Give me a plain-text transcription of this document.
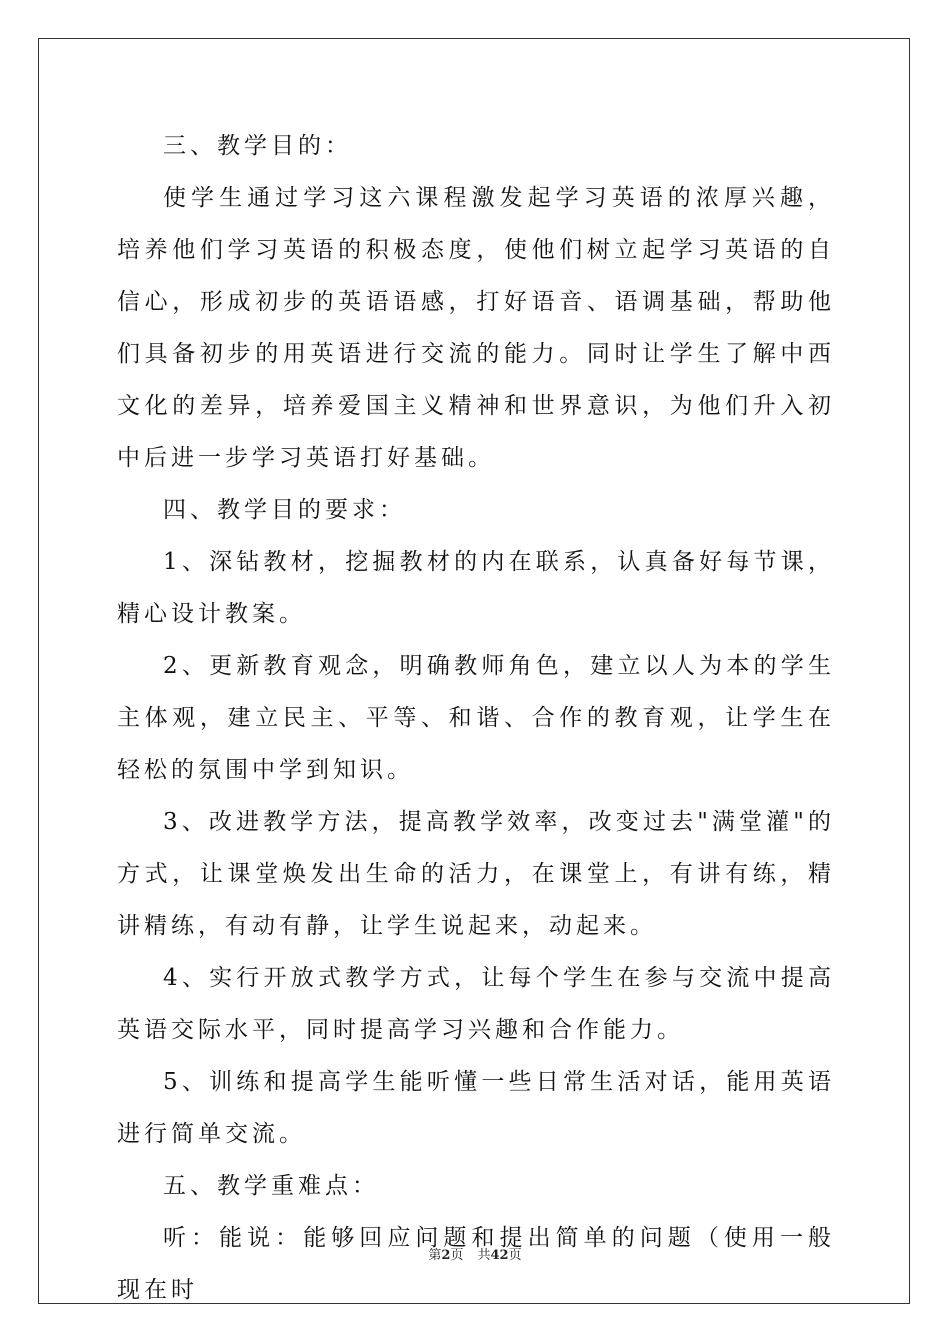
三、教学目的：

使学生通过学习这六课程激发起学习英语的浓厚兴趣，培养他们学习英语的积极态度，使他们树立起学习英语的自信心，形成初步的英语语感，打好语音、语调基础，帮助他们具备初步的用英语进行交流的能力。同时让学生了解中西文化的差异，培养爱国主义精神和世界意识，为他们升入初中后进一步学习英语打好基础。

四、教学目的要求：

1、深钻教材，挖掘教材的内在联系，认真备好每节课，精心设计教案。

2、更新教育观念，明确教师角色，建立以人为本的学生主体观，建立民主、平等、和谐、合作的教育观，让学生在轻松的氛围中学到知识。

3、改进教学方法，提高教学效率，改变过去"满堂灌"的方式，让课堂焕发出生命的活力，在课堂上，有讲有练，精讲精练，有动有静，让学生说起来，动起来。

4、实行开放式教学方式，让每个学生在参与交流中提高英语交际水平，同时提高学习兴趣和合作能力。

5、训练和提高学生能听懂一些日常生活对话，能用英语进行简单交流。

五、教学重难点：

听：能说：能够回应问题和提出简单的问题（使用一般现在时

第2页 共42页
